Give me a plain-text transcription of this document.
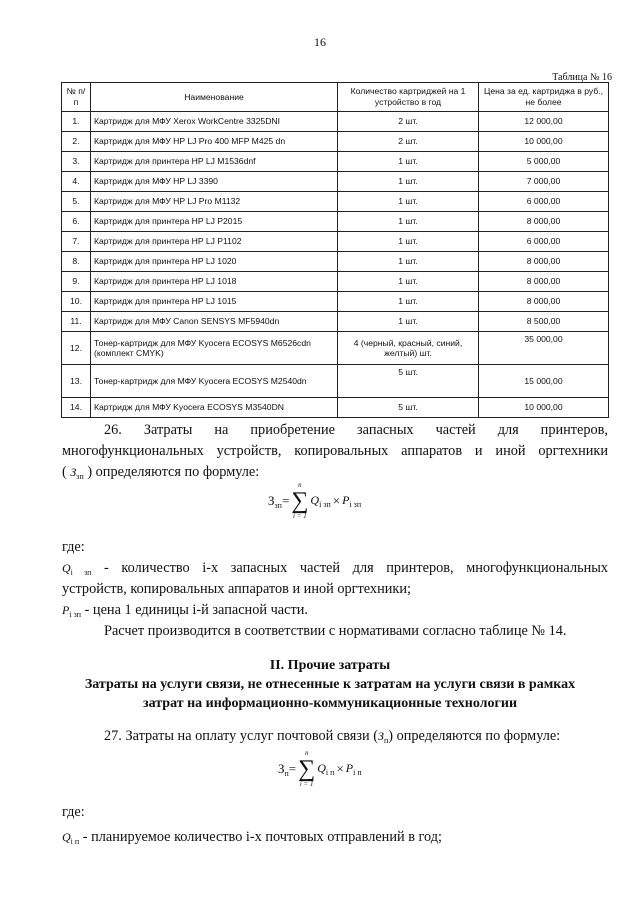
16
Таблица № 16
№ п/п	Наименование	Количество картриджей на 1 устройство в год	Цена за ед. картриджа в руб., не более
1.	Картридж для МФУ Xerox WorkCentre 3325DNI	2 шт.	12 000,00
2.	Картридж для МФУ HP LJ Pro 400 MFP M425 dn	2 шт.	10 000,00
3.	Картридж для принтера HP LJ M1536dnf	1 шт.	5 000,00
4.	Картридж для МФУ HP LJ 3390	1 шт.	7 000,00
5.	Картридж для МФУ HP LJ Pro M1132	1 шт.	6 000,00
6.	Картридж для принтера HP LJ P2015	1 шт.	8 000,00
7.	Картридж для принтера HP LJ P1102	1 шт.	6 000,00
8.	Картридж для принтера HP LJ 1020	1 шт.	8 000,00
9.	Картридж для принтера HP LJ 1018	1 шт.	8 000,00
10.	Картридж для принтера HP LJ 1015	1 шт.	8 000,00
11.	Картридж для МФУ Canon SENSYS MF5940dn	1 шт.	8 500,00
12.	Тонер-картридж для МФУ Kyocera ECOSYS M6526cdn (комплект CMYK)	4 (черный, красный, синий, желтый) шт.	35 000,00
13.	Тонер-картридж для МФУ Kyocera ECOSYS M2540dn	5 шт.	15 000,00
14.	Картридж для МФУ Kyocera ECOSYS M3540DN	5 шт.	10 000,00
26. Затраты на приобретение запасных частей для принтеров,
многофункциональных устройств, копировальных аппаратов и иной оргтехники
( $З_{зп}$ ) определяются по формуле:
$З_{зп}$ =
n
∑
i = 1
$Q_{i зп} \times P_{i зп}$
где:
$Q_{i зп}$ - количество i-х запасных частей для принтеров, многофункциональных
устройств, копировальных аппаратов и иной оргтехники;
$P_{i зп}$ - цена 1 единицы i-й запасной части.
Расчет производится в соответствии с нормативами согласно таблице № 14.
II. Прочие затраты
Затраты на услуги связи, не отнесенные к затратам на услуги связи в рамках
затрат на информационно-коммуникационные технологии
27. Затраты на оплату услуг почтовой связи $(З_п)$ определяются по формуле:
$З_п$ =
n
∑
i = 1
$Q_{i п} \times P_{i п}$
где:
$Q_{i п}$ - планируемое количество i-х почтовых отправлений в год;
